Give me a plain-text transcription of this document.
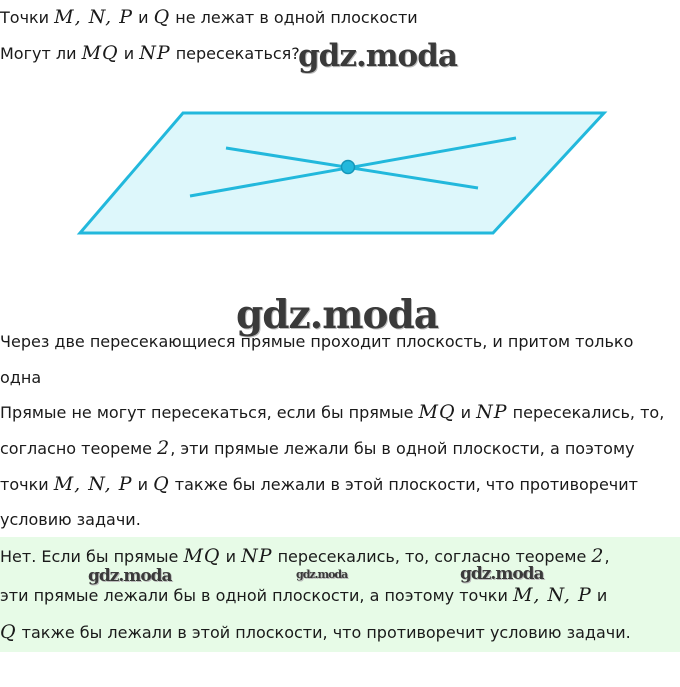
Точки M, N, P и Q не лежат в одной плоскости
Могут ли MQ и NP пересекаться?
gdz.moda
gdz.moda
Через две пересекающиеся прямые проходит плоскость, и притом только
одна
Прямые не могут пересекаться, если бы прямые MQ и NP пересекались, то,
согласно теореме 2, эти прямые лежали бы в одной плоскости, а поэтому
точки M, N, P и Q также бы лежали в этой плоскости, что противоречит
условию задачи.
Нет. Если бы прямые MQ и NP пересекались, то, согласно теореме 2,
эти прямые лежали бы в одной плоскости, а поэтому точки M, N, P и
Q также бы лежали в этой плоскости, что противоречит условию задачи.
gdz.moda	gdz.moda	gdz.moda
